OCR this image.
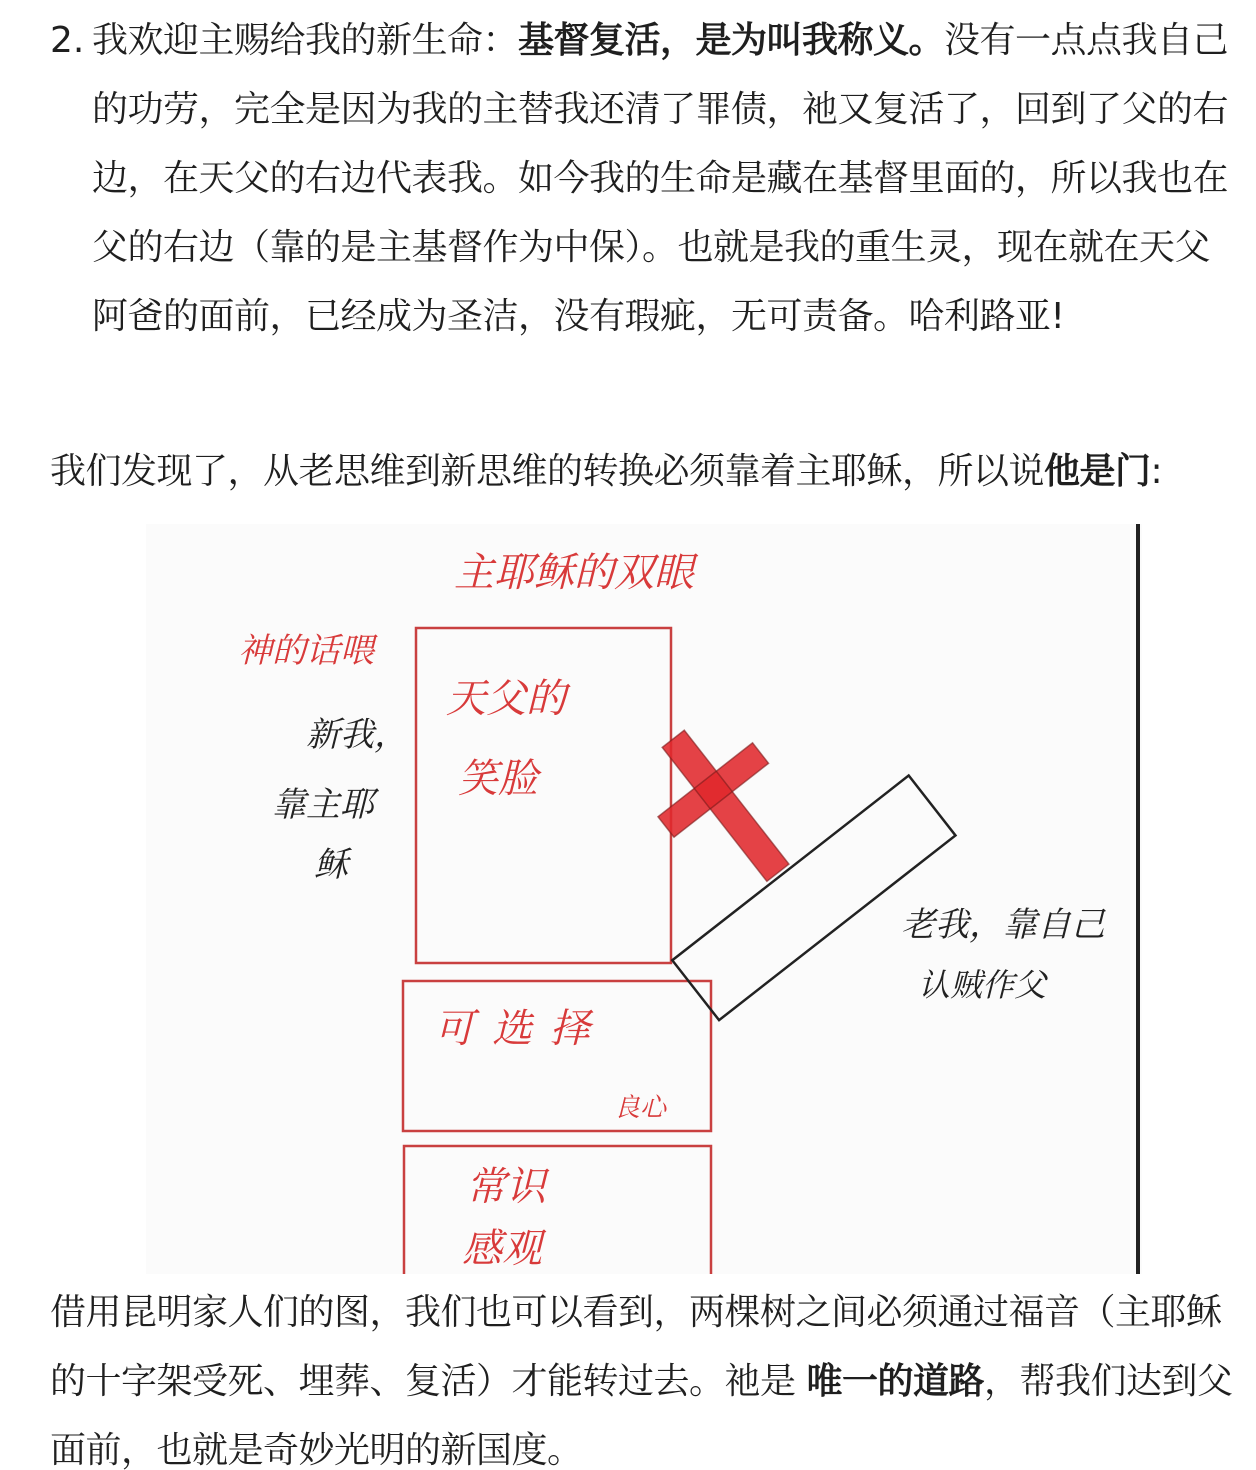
2. 我欢迎主赐给我的新生命：基督复活，是为叫我称义。没有一点点我自己的功劳，完全是因为我的主替我还清了罪债，祂又复活了，回到了父的右边，在天父的右边代表我。如今我的生命是藏在基督里面的，所以我也在父的右边（靠的是主基督作为中保）。也就是我的重生灵，现在就在天父阿爸的面前，已经成为圣洁，没有瑕疵，无可责备。哈利路亚!
我们发现了，从老思维到新思维的转换必须靠着主耶稣，所以说他是门:
主耶稣的双眼
神的话喂
新我，
靠主耶
稣
天父的
笑脸
可选择
良心
常识
感观
老我，靠自己
认贼作父
借用昆明家人们的图，我们也可以看到，两棵树之间必须通过福音（主耶稣的十字架受死、埋葬、复活）才能转过去。祂是 唯一的道路，帮我们达到父面前，也就是奇妙光明的新国度。
